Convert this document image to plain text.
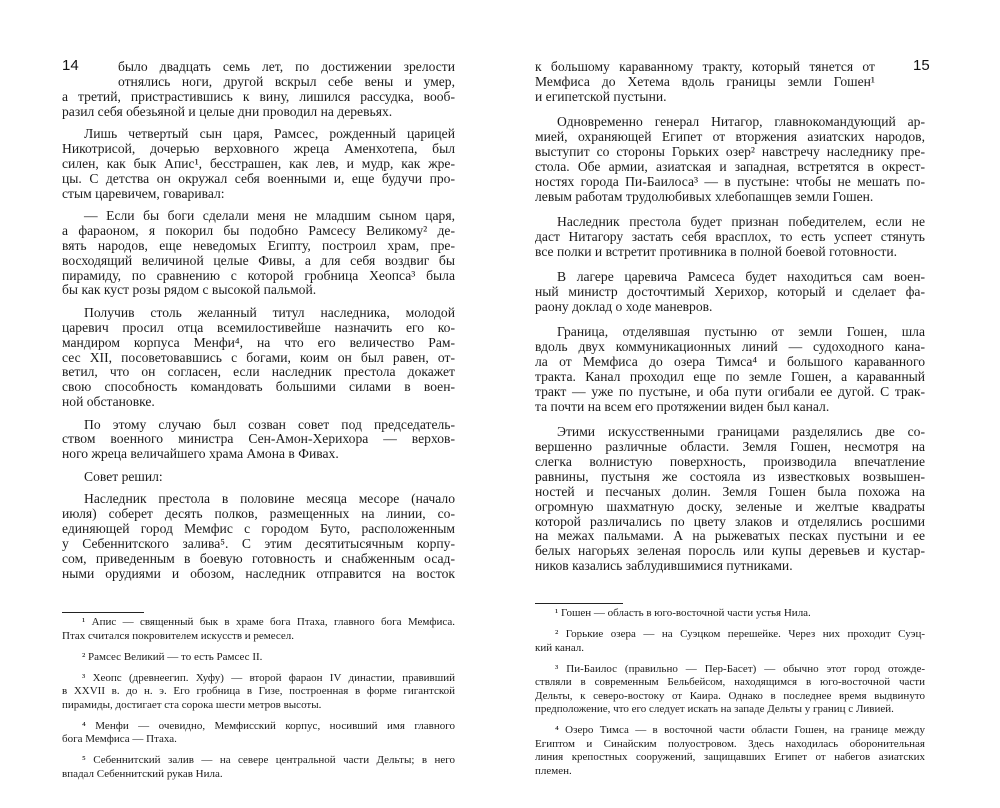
14	было двадцать семь лет, по достижении зрелости
отнялись ноги, другой вскрыл себе вены и умер,
а третий, пристрастившись к вину, лишился рассудка, вооб-
разил себя обезьяной и целые дни проводил на деревьях.
Лишь четвертый сын царя, Рамсес, рожденный царицей
Никотрисой, дочерью верховного жреца Аменхотепа, был
силен, как бык Апис¹, бесстрашен, как лев, и мудр, как жре-
цы. С детства он окружал себя военными и, еще будучи про-
стым царевичем, говаривал:
— Если бы боги сделали меня не младшим сыном царя,
а фараоном, я покорил бы подобно Рамсесу Великому² де-
вять народов, еще неведомых Египту, построил храм, пре-
восходящий величиной целые Фивы, а для себя воздвиг бы
пирамиду, по сравнению с которой гробница Хеопса³ была
бы как куст розы рядом с высокой пальмой.
Получив столь желанный титул наследника, молодой
царевич просил отца всемилостивейше назначить его ко-
мандиром корпуса Менфи⁴, на что его величество Рам-
сес XII, посоветовавшись с богами, коим он был равен, от-
ветил, что он согласен, если наследник престола докажет
свою способность командовать большими силами в воен-
ной обстановке.
По этому случаю был созван совет под председатель-
ством военного министра Сен-Амон-Херихора — верхов-
ного жреца величайшего храма Амона в Фивах.
Совет решил:
Наследник престола в половине месяца месоре (начало
июля) соберет десять полков, размещенных на линии, со-
единяющей город Мемфис с городом Буто, расположенным
у Себеннитского залива⁵. С этим десятитысячным корпу-
сом, приведенным в боевую готовность и снабженным осад-
ными орудиями и обозом, наследник отправится на восток
¹ Апис — священный бык в храме бога Птаха, главного бога Мемфиса.
Птах считался покровителем искусств и ремесел.
² Рамсес Великий — то есть Рамсес II.
³ Хеопс (древнеегип. Хуфу) — второй фараон IV династии, правивший
в XXVII в. до н. э. Его гробница в Гизе, построенная в форме гигантской
пирамиды, достигает ста сорока шести метров высоты.
⁴ Менфи — очевидно, Мемфисский корпус, носивший имя главного
бога Мемфиса — Птаха.
⁵ Себеннитский залив — на севере центральной части Дельты; в него
впадал Себеннитский рукав Нила.
15
к большому караванному тракту, который тянется от
Мемфиса до Хетема вдоль границы земли Гошен¹
и египетской пустыни.
Одновременно генерал Нитагор, главнокомандующий ар-
мией, охраняющей Египет от вторжения азиатских народов,
выступит со стороны Горьких озер² навстречу наследнику пре-
стола. Обе армии, азиатская и западная, встретятся в окрест-
ностях города Пи-Баилоса³ — в пустыне: чтобы не мешать по-
левым работам трудолюбивых хлебопашцев земли Гошен.
Наследник престола будет признан победителем, если не
даст Нитагору застать себя врасплох, то есть успеет стянуть
все полки и встретит противника в полной боевой готовности.
В лагере царевича Рамсеса будет находиться сам воен-
ный министр досточтимый Херихор, который и сделает фа-
раону доклад о ходе маневров.
Граница, отделявшая пустыню от земли Гошен, шла
вдоль двух коммуникационных линий — судоходного кана-
ла от Мемфиса до озера Тимса⁴ и большого караванного
тракта. Канал проходил еще по земле Гошен, а караванный
тракт — уже по пустыне, и оба пути огибали ее дугой. С трак-
та почти на всем его протяжении виден был канал.
Этими искусственными границами разделялись две со-
вершенно различные области. Земля Гошен, несмотря на
слегка волнистую поверхность, производила впечатление
равнины, пустыня же состояла из известковых возвышен-
ностей и песчаных долин. Земля Гошен была похожа на
огромную шахматную доску, зеленые и желтые квадраты
которой различались по цвету злаков и отделялись росшими
на межах пальмами. А на рыжеватых песках пустыни и ее
белых нагорьях зеленая поросль или купы деревьев и кустар-
ников казались заблудившимися путниками.
¹ Гошен — область в юго-восточной части устья Нила.
² Горькие озера — на Суэцком перешейке. Через них проходит Суэц-
кий канал.
³ Пи-Баилос (правильно — Пер-Басет) — обычно этот город отожде-
ствляли в современным Бельбейсом, находящимся в юго-восточной части
Дельты, к северо-востоку от Каира. Однако в последнее время выдвинуто
предположение, что его следует искать на западе Дельты у границ с Ливией.
⁴ Озеро Тимса — в восточной части области Гошен, на границе между
Египтом и Синайским полуостровом. Здесь находилась оборонительная
линия крепостных сооружений, защищавших Египет от набегов азиатских
племен.
